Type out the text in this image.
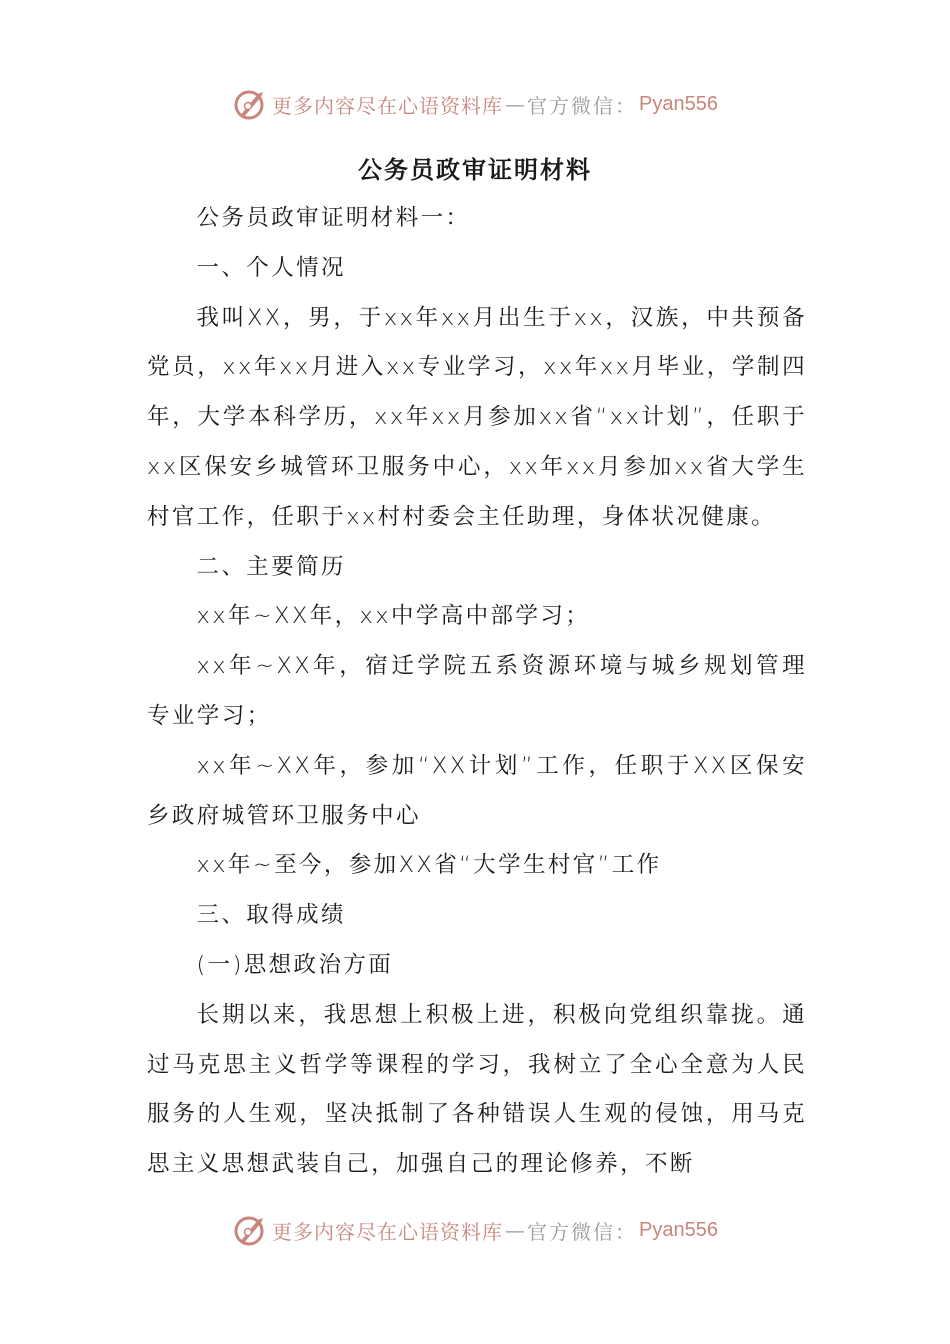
更多内容尽在心语资料库 — 官方微信： Pyan556
公务员政审证明材料

公务员政审证明材料一：

一、个人情况

我叫XX，男，于xx年xx月出生于xx，汉族，中共预备党员，xx年xx月进入xx专业学习，xx年xx月毕业，学制四年，大学本科学历，xx年xx月参加xx省“xx计划”，任职于xx区保安乡城管环卫服务中心，xx年xx月参加xx省大学生村官工作，任职于xx村村委会主任助理，身体状况健康。

二、主要简历

xx年~XX年，xx中学高中部学习；

xx年~XX年，宿迁学院五系资源环境与城乡规划管理专业学习；

xx年~XX年，参加“XX计划”工作，任职于XX区保安乡政府城管环卫服务中心

xx年~至今，参加XX省“大学生村官”工作

三、取得成绩

(一)思想政治方面

长期以来，我思想上积极上进，积极向党组织靠拢。通过马克思主义哲学等课程的学习，我树立了全心全意为人民服务的人生观，坚决抵制了各种错误人生观的侵蚀，用马克思主义思想武装自己，加强自己的理论修养，不断

更多内容尽在心语资料库 — 官方微信： Pyan556
